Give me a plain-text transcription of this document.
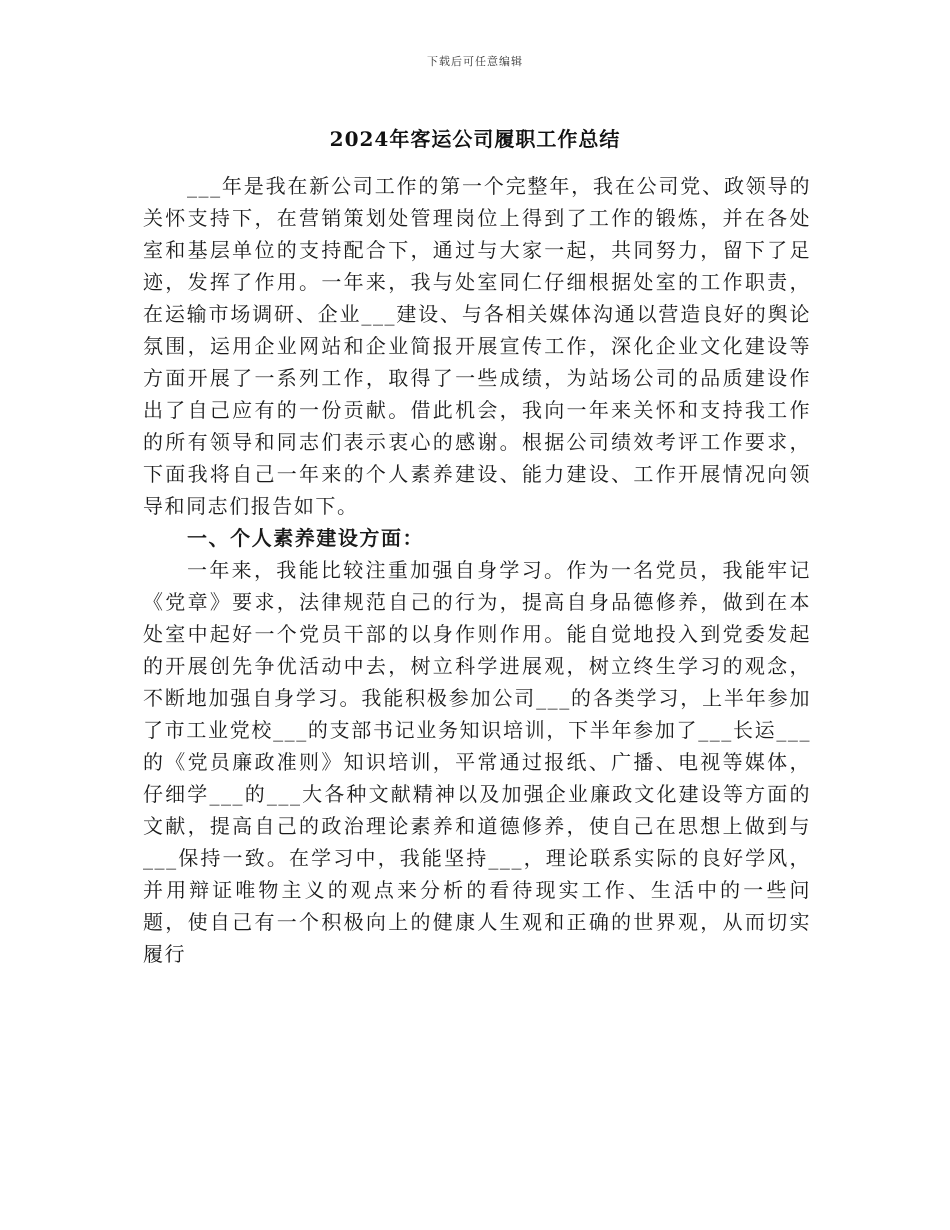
下载后可任意编辑
2024年客运公司履职工作总结

___年是我在新公司工作的第一个完整年，我在公司党、政领导的关怀支持下，在营销策划处管理岗位上得到了工作的锻炼，并在各处室和基层单位的支持配合下，通过与大家一起，共同努力，留下了足迹，发挥了作用。一年来，我与处室同仁仔细根据处室的工作职责，在运输市场调研、企业___建设、与各相关媒体沟通以营造良好的舆论氛围，运用企业网站和企业简报开展宣传工作，深化企业文化建设等方面开展了一系列工作，取得了一些成绩，为站场公司的品质建设作出了自己应有的一份贡献。借此机会，我向一年来关怀和支持我工作的所有领导和同志们表示衷心的感谢。根据公司绩效考评工作要求，下面我将自己一年来的个人素养建设、能力建设、工作开展情况向领导和同志们报告如下。

一、个人素养建设方面：

一年来，我能比较注重加强自身学习。作为一名党员，我能牢记《党章》要求，法律规范自己的行为，提高自身品德修养，做到在本处室中起好一个党员干部的以身作则作用。能自觉地投入到党委发起的开展创先争优活动中去，树立科学进展观，树立终生学习的观念，不断地加强自身学习。我能积极参加公司___的各类学习，上半年参加了市工业党校___的支部书记业务知识培训，下半年参加了___长运___的《党员廉政准则》知识培训，平常通过报纸、广播、电视等媒体，仔细学___的___大各种文献精神以及加强企业廉政文化建设等方面的文献，提高自己的政治理论素养和道德修养，使自己在思想上做到与___保持一致。在学习中，我能坚持___，理论联系实际的良好学风，并用辩证唯物主义的观点来分析的看待现实工作、生活中的一些问题，使自己有一个积极向上的健康人生观和正确的世界观，从而切实履行
